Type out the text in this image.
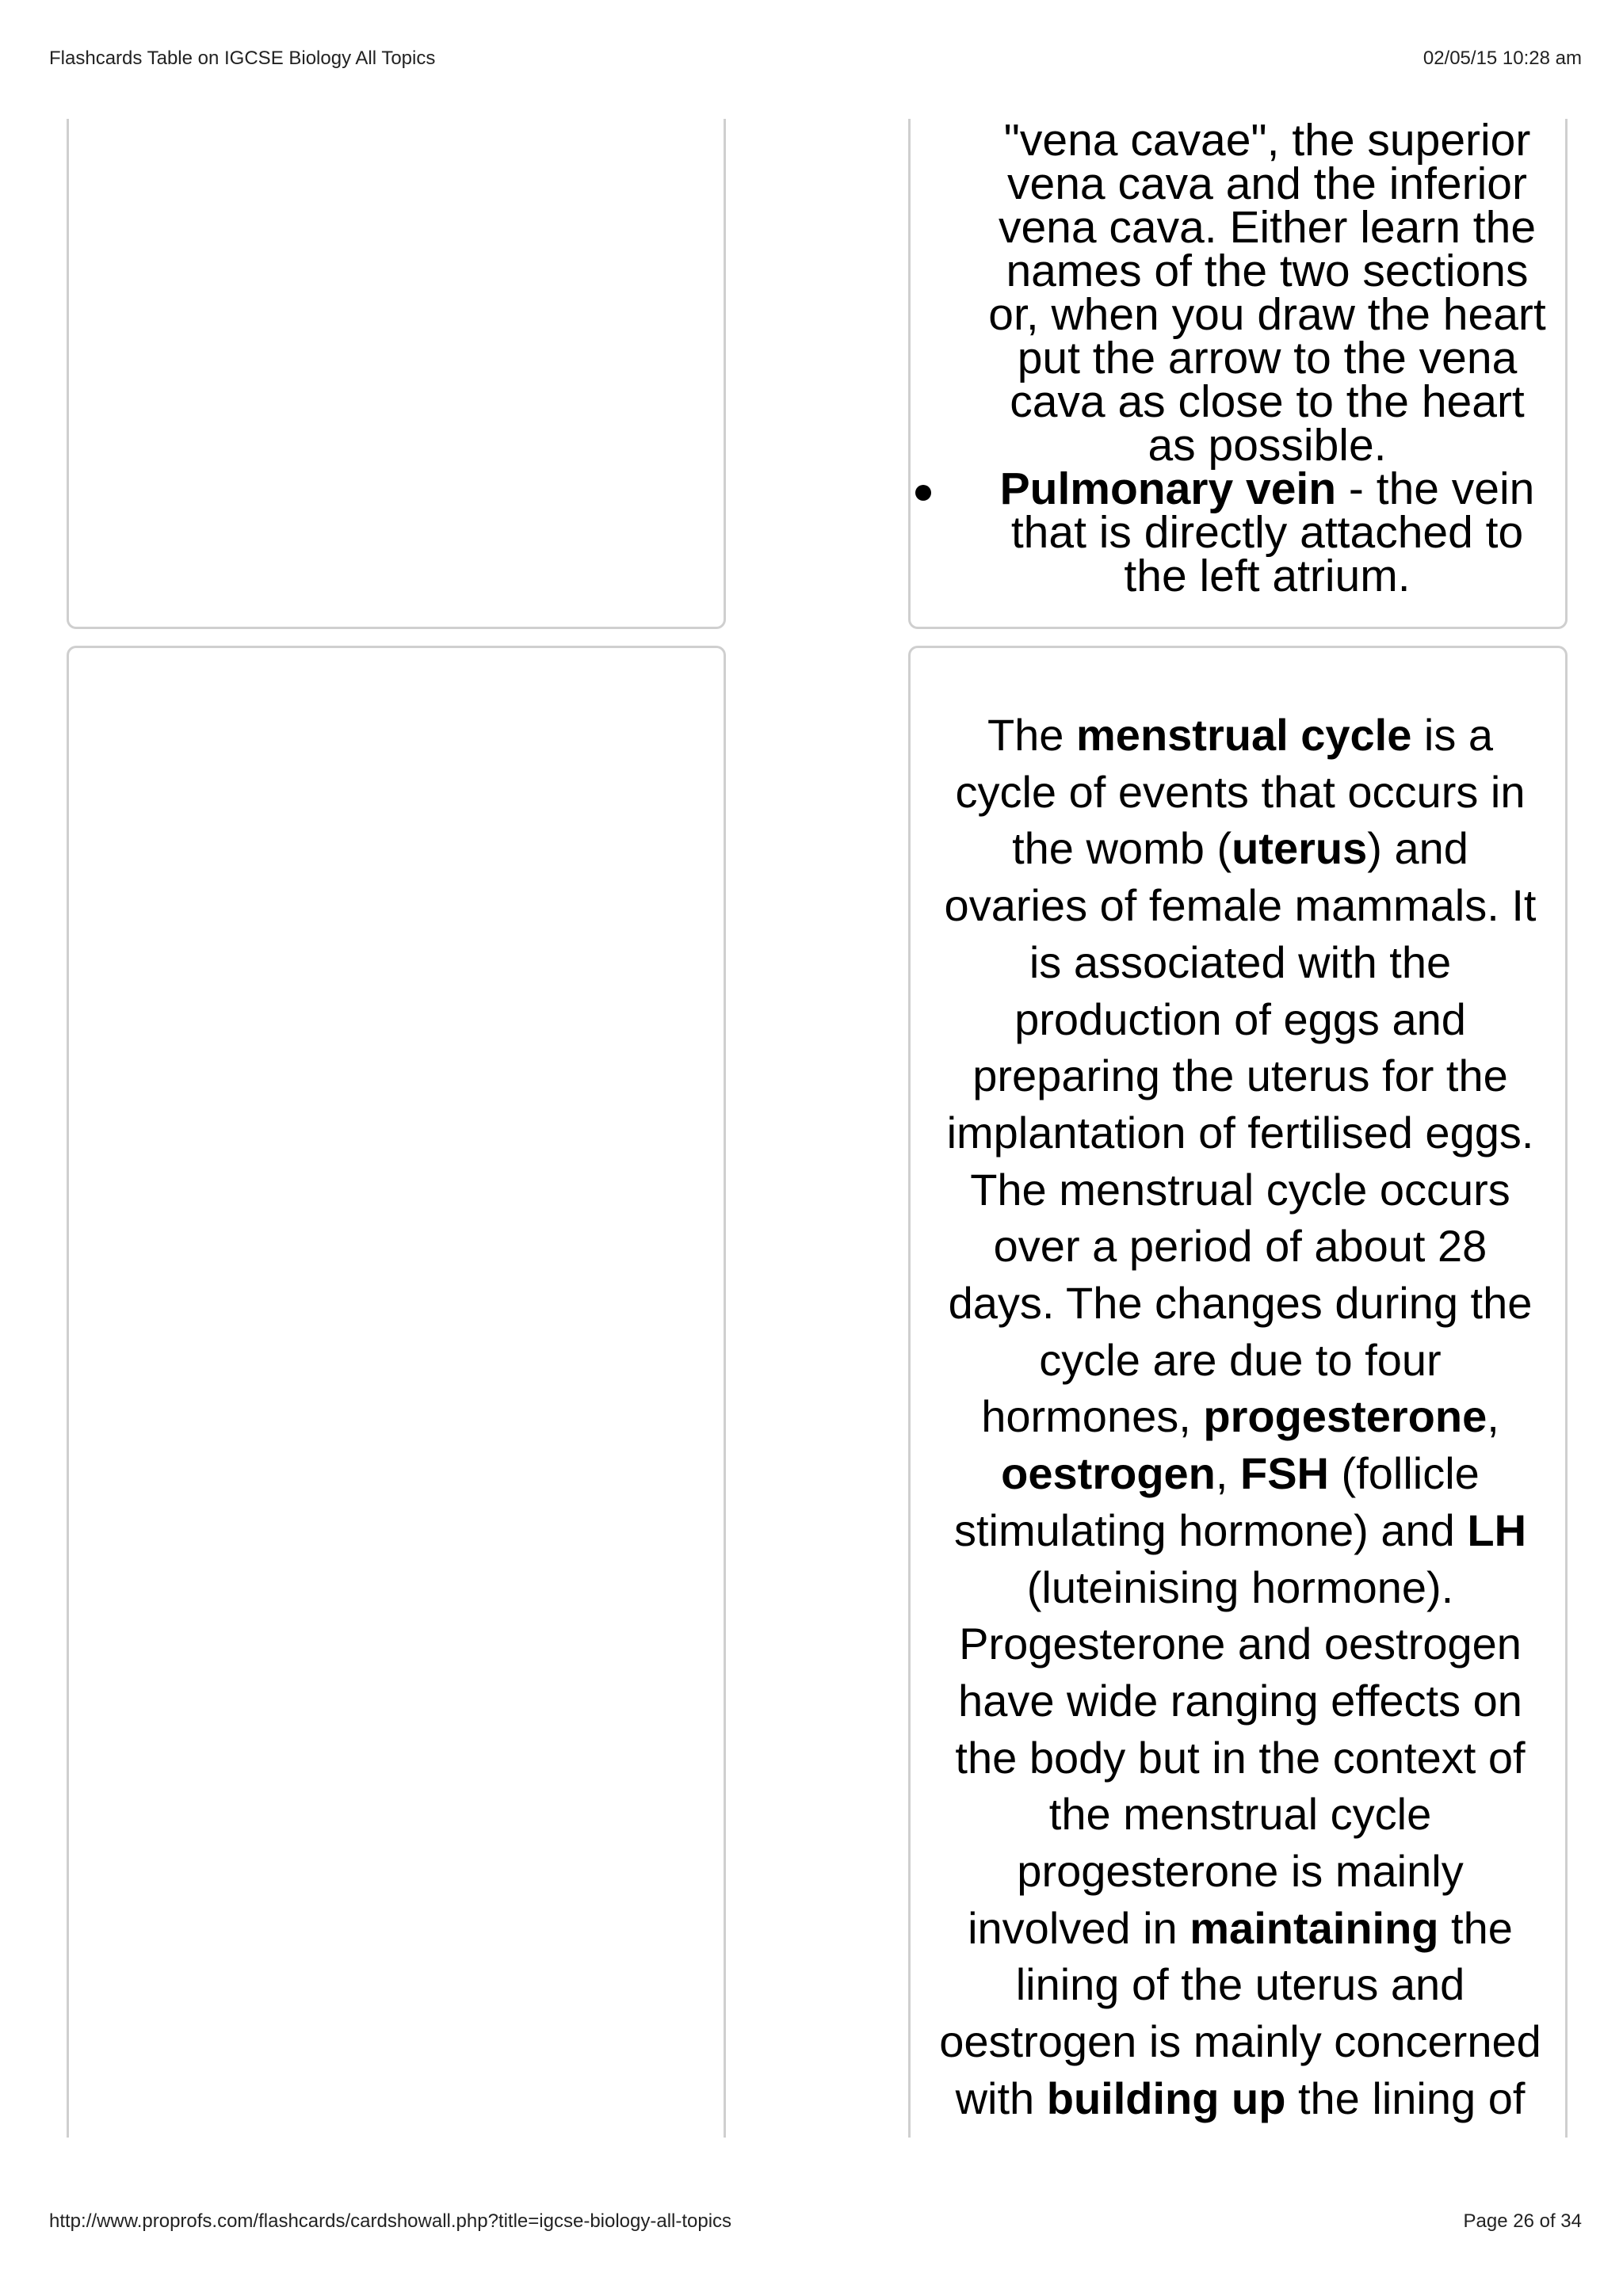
Flashcards Table on IGCSE Biology All Topics	02/05/15 10:28 am

"vena cavae", the superior

vena cava and the inferior

vena cava. Either learn the

names of the two sections

or, when you draw the heart

put the arrow to the vena

cava as close to the heart

as possible.

Pulmonary vein - the vein

that is directly attached to

the left atrium.

The menstrual cycle is a

cycle of events that occurs in

the womb (uterus) and

ovaries of female mammals. It

is associated with the

production of eggs and

preparing the uterus for the

implantation of fertilised eggs.

The menstrual cycle occurs

over a period of about 28

days. The changes during the

cycle are due to four

hormones, progesterone,

oestrogen, FSH (follicle

stimulating hormone) and LH

(luteinising hormone).

Progesterone and oestrogen

have wide ranging effects on

the body but in the context of

the menstrual cycle

progesterone is mainly

involved in maintaining the

lining of the uterus and

oestrogen is mainly concerned

with building up the lining of

http://www.proprofs.com/flashcards/cardshowall.php?title=igcse-biology-all-topics	Page 26 of 34
